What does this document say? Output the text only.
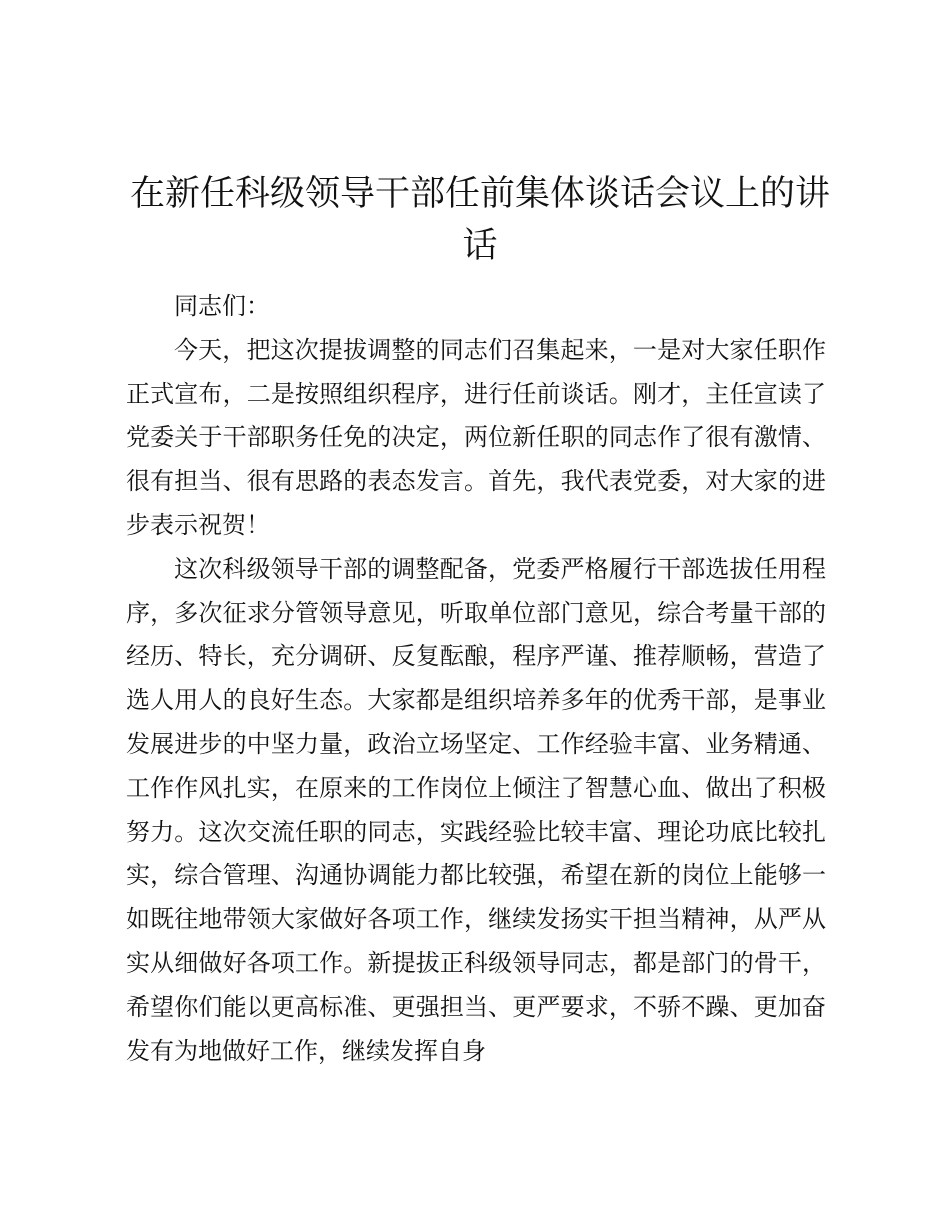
在新任科级领导干部任前集体谈话会议上的讲话

同志们：

今天，把这次提拔调整的同志们召集起来，一是对大家任职作正式宣布，二是按照组织程序，进行任前谈话。刚才，主任宣读了党委关于干部职务任免的决定，两位新任职的同志作了很有激情、很有担当、很有思路的表态发言。首先，我代表党委，对大家的进步表示祝贺！

这次科级领导干部的调整配备，党委严格履行干部选拔任用程序，多次征求分管领导意见，听取单位部门意见，综合考量干部的经历、特长，充分调研、反复酝酿，程序严谨、推荐顺畅，营造了选人用人的良好生态。大家都是组织培养多年的优秀干部，是事业发展进步的中坚力量，政治立场坚定、工作经验丰富、业务精通、工作作风扎实，在原来的工作岗位上倾注了智慧心血、做出了积极努力。这次交流任职的同志，实践经验比较丰富、理论功底比较扎实，综合管理、沟通协调能力都比较强，希望在新的岗位上能够一如既往地带领大家做好各项工作，继续发扬实干担当精神，从严从实从细做好各项工作。新提拔正科级领导同志，都是部门的骨干，希望你们能以更高标准、更强担当、更严要求，不骄不躁、更加奋发有为地做好工作，继续发挥自身
